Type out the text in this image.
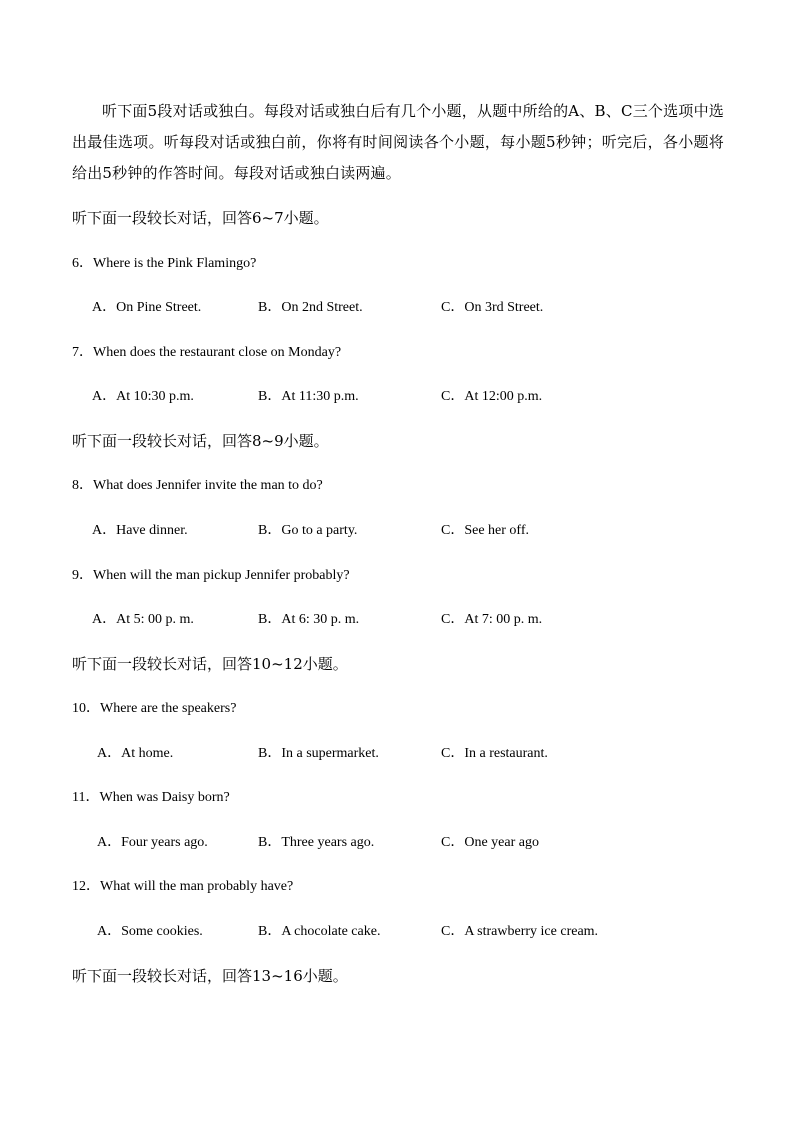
听下面5段对话或独白。每段对话或独白后有几个小题，从题中所给的A、B、C三个选项中选出最佳选项。听每段对话或独白前，你将有时间阅读各个小题，每小题5秒钟；听完后，各小题将给出5秒钟的作答时间。每段对话或独白读两遍。

听下面一段较长对话，回答6~7小题。

6．Where is the Pink Flamingo?

A．On Pine Street.	B．On 2nd Street.	C．On 3rd Street.

7．When does the restaurant close on Monday?

A．At 10:30 p.m.	B．At 11:30 p.m.	C．At 12:00 p.m.

听下面一段较长对话，回答8~9小题。

8．What does Jennifer invite the man to do?

A．Have dinner.	B．Go to a party.	C．See her off.

9．When will the man pickup Jennifer probably?

A．At 5: 00 p. m.	B．At 6: 30 p. m.	C．At 7: 00 p. m.

听下面一段较长对话，回答10~12小题。

10．Where are the speakers?

A．At home.	B．In a supermarket.	C．In a restaurant.

11．When was Daisy born?

A．Four years ago.	B．Three years ago.	C．One year ago

12．What will the man probably have?

A．Some cookies.	B．A chocolate cake.	C．A strawberry ice cream.

听下面一段较长对话，回答13~16小题。
